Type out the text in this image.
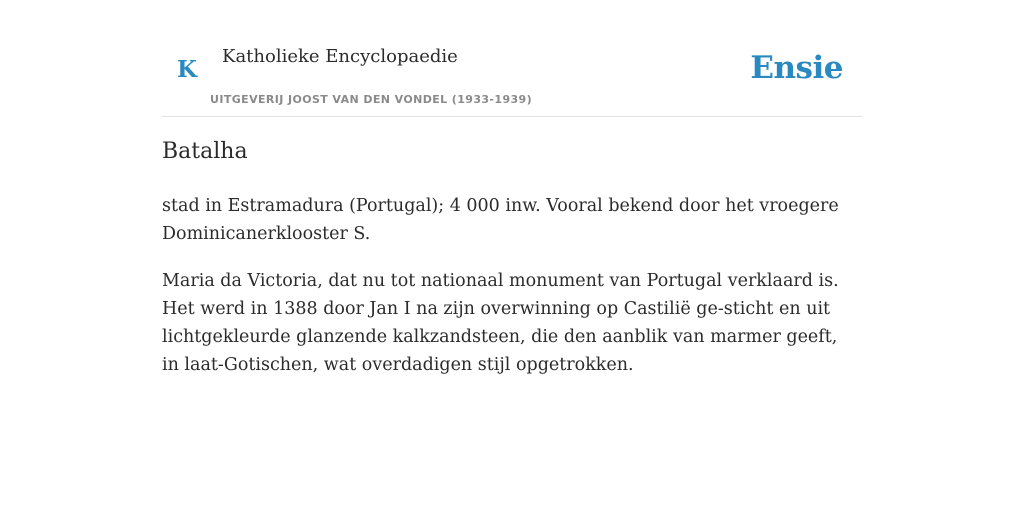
K Katholieke Encyclopaedie
UITGEVERIJ JOOST VAN DEN VONDEL (1933-1939)
Ensie
Batalha

stad in Estramadura (Portugal); 4 000 inw. Vooral bekend door het vroegere Dominicanerklooster S.

Maria da Victoria, dat nu tot nationaal monument van Portugal verklaard is. Het werd in 1388 door Jan I na zijn overwinning op Castilië ge-sticht en uit lichtgekleurde glanzende kalkzandsteen, die den aanblik van marmer geeft, in laat-Gotischen, wat overdadigen stijl opgetrokken.
